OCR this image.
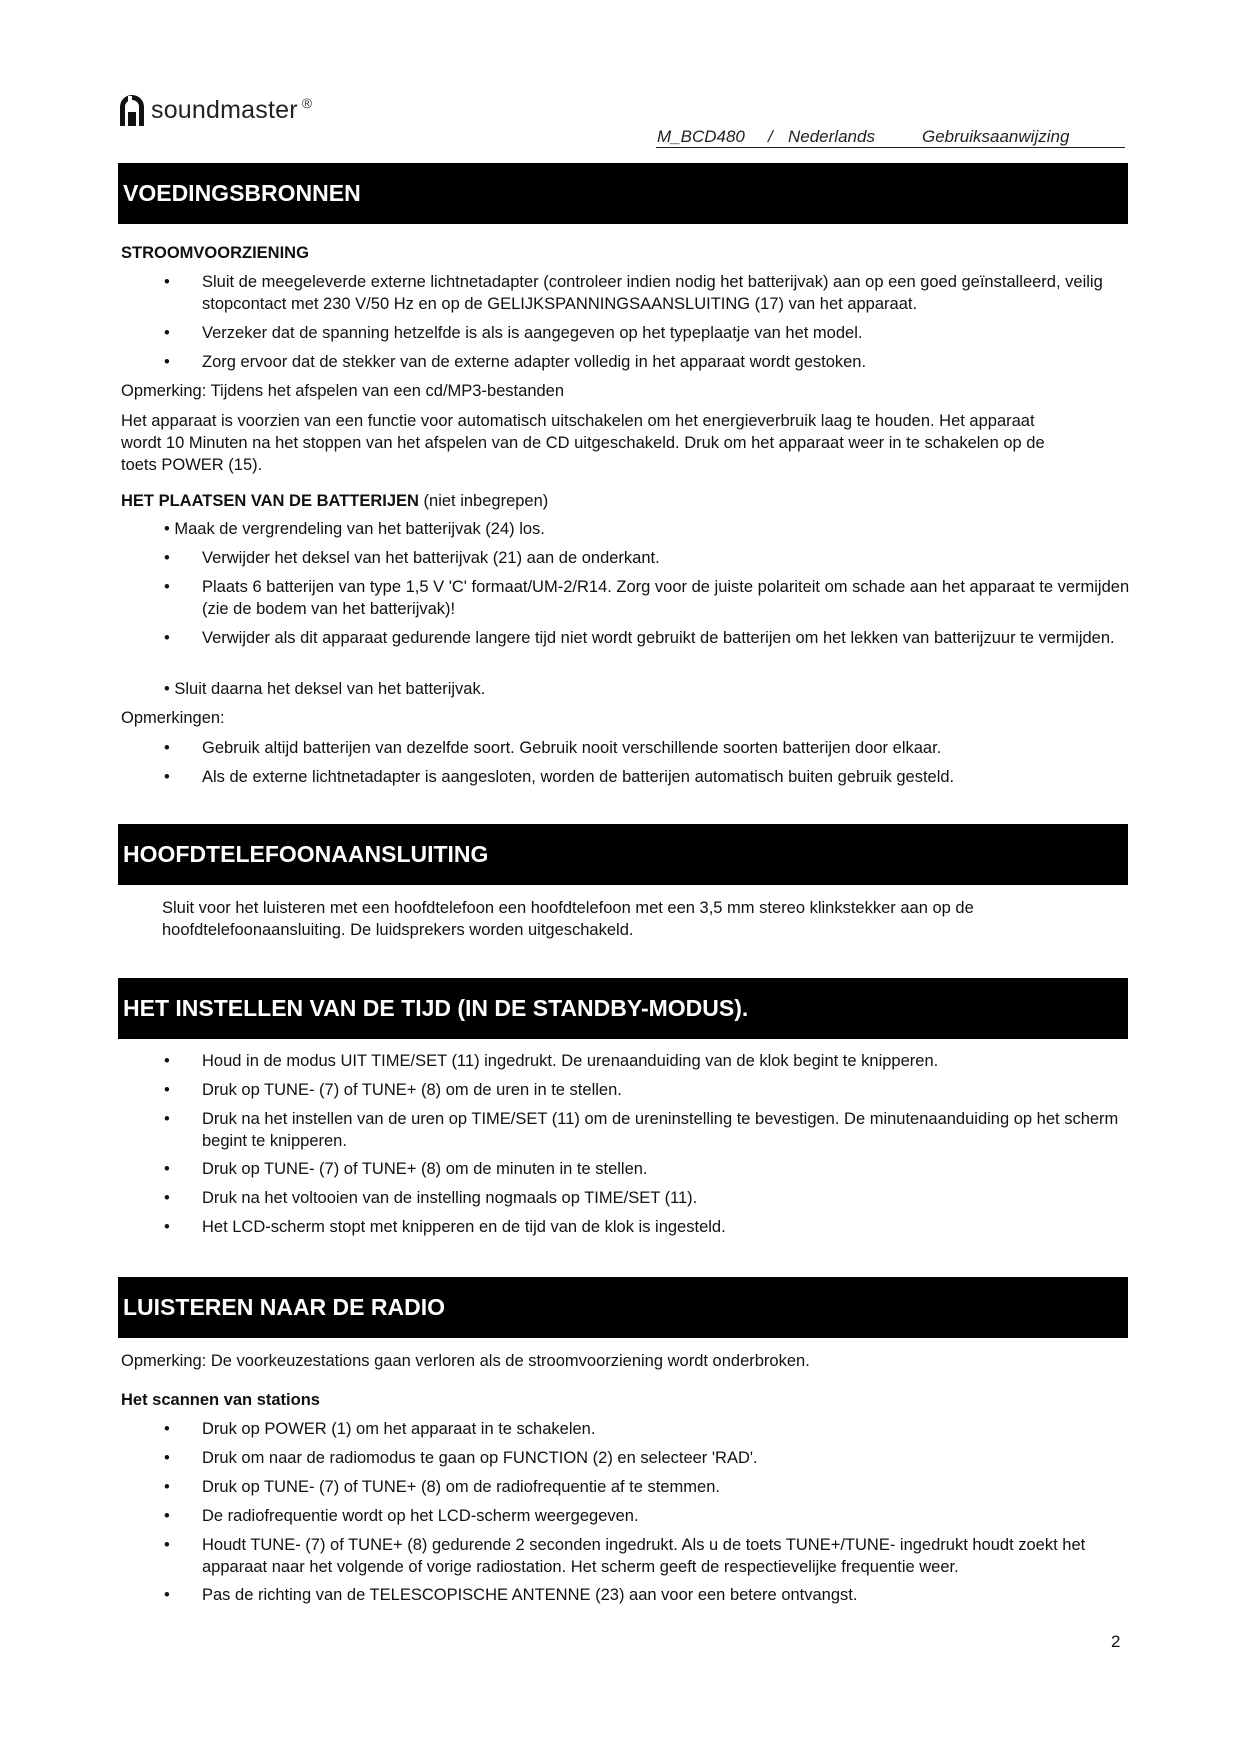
soundmaster ®
M_BCD480 / Nederlands	Gebruiksaanwijzing
VOEDINGSBRONNEN
STROOMVOORZIENING
• Sluit de meegeleverde externe lichtnetadapter (controleer indien nodig het batterijvak) aan op een goed geïnstalleerd, veilig stopcontact met 230 V/50 Hz en op de GELIJKSPANNINGSAANSLUITING (17) van het apparaat.
• Verzeker dat de spanning hetzelfde is als is aangegeven op het typeplaatje van het model.
• Zorg ervoor dat de stekker van de externe adapter volledig in het apparaat wordt gestoken.
Opmerking: Tijdens het afspelen van een cd/MP3-bestanden
Het apparaat is voorzien van een functie voor automatisch uitschakelen om het energieverbruik laag te houden. Het apparaat
wordt 10 Minuten na het stoppen van het afspelen van de CD uitgeschakeld. Druk om het apparaat weer in te schakelen op de
toets POWER (15).
HET PLAATSEN VAN DE BATTERIJEN (niet inbegrepen)
• Maak de vergrendeling van het batterijvak (24) los.
• Verwijder het deksel van het batterijvak (21) aan de onderkant.
• Plaats 6 batterijen van type 1,5 V 'C' formaat/UM-2/R14. Zorg voor de juiste polariteit om schade aan het apparaat te vermijden (zie de bodem van het batterijvak)!
• Verwijder als dit apparaat gedurende langere tijd niet wordt gebruikt de batterijen om het lekken van batterijzuur te vermijden.
• Sluit daarna het deksel van het batterijvak.
Opmerkingen:
• Gebruik altijd batterijen van dezelfde soort. Gebruik nooit verschillende soorten batterijen door elkaar.
• Als de externe lichtnetadapter is aangesloten, worden de batterijen automatisch buiten gebruik gesteld.
HOOFDTELEFOONAANSLUITING
Sluit voor het luisteren met een hoofdtelefoon een hoofdtelefoon met een 3,5 mm stereo klinkstekker aan op de
hoofdtelefoonaansluiting. De luidsprekers worden uitgeschakeld.
HET INSTELLEN VAN DE TIJD (IN DE STANDBY-MODUS).
• Houd in de modus UIT TIME/SET (11) ingedrukt. De urenaanduiding van de klok begint te knipperen.
• Druk op TUNE- (7) of TUNE+ (8) om de uren in te stellen.
• Druk na het instellen van de uren op TIME/SET (11) om de ureninstelling te bevestigen. De minutenaanduiding op het scherm begint te knipperen.
• Druk op TUNE- (7) of TUNE+ (8) om de minuten in te stellen.
• Druk na het voltooien van de instelling nogmaals op TIME/SET (11).
• Het LCD-scherm stopt met knipperen en de tijd van de klok is ingesteld.
LUISTEREN NAAR DE RADIO
Opmerking: De voorkeuzestations gaan verloren als de stroomvoorziening wordt onderbroken.
Het scannen van stations
• Druk op POWER (1) om het apparaat in te schakelen.
• Druk om naar de radiomodus te gaan op FUNCTION (2) en selecteer 'RAD'.
• Druk op TUNE- (7) of TUNE+ (8) om de radiofrequentie af te stemmen.
• De radiofrequentie wordt op het LCD-scherm weergegeven.
• Houdt TUNE- (7) of TUNE+ (8) gedurende 2 seconden ingedrukt. Als u de toets TUNE+/TUNE- ingedrukt houdt zoekt het apparaat naar het volgende of vorige radiostation. Het scherm geeft de respectievelijke frequentie weer.
• Pas de richting van de TELESCOPISCHE ANTENNE (23) aan voor een betere ontvangst.
2
